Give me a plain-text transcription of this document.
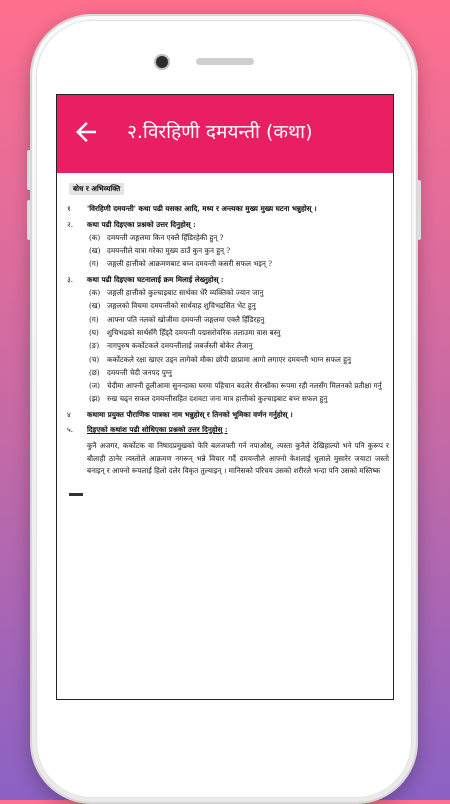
२.विरहिणी दमयन्ती (कथा)
बोध र अभिव्यक्ति
१ 'विरहिणी दमयन्ती' कथा पढी यसका आदि, मध्य र अन्त्यका मुख्य मुख्य घटना भन्नुहोस् ।
२. कथा पढी दिइएका प्रश्नको उत्तर दिनुहोस् :
(क) दमयन्ती जङ्गलमा किन एक्लै हिँडिरहेकी हुन् ?
(ख) दमयन्तीले यात्रा गरेका मुख्य ठाउँ कुन कुन हुन् ?
(ग) जङ्गली हात्तीको आक्रमणबाट बच्न दमयन्ती कसरी सफल भइन् ?
३. कथा पढी दिइएका घटनालाई क्रम मिलाई लेख्नुहोस् :
(क) जङ्गली हात्तीको कुल्चाइबाट सार्थका धेरै व्यक्तिको ज्यान जानु
(ख) जङ्गलको विचमा दमयन्तीको सार्थवाह शुचिभद्रसित भेट हुनु
(ग) आफ्ना पति नलको खोजीमा दमयन्ती जङ्गलमा एक्लै हिँडिरहनु
(घ) शुचिभद्रको सार्थसँगै हिँड्दै दमयन्ती पद्मसरोवरिक तलाउमा वास बस्नु
(ङ) नागपुरुष कर्कोटकले दमयन्तीलाई जबर्जस्ती बोकेर लैजानु
(च) कर्कोटकले रक्षा खाएर उड्न लागेको मौका छोपी छाप्रामा आगो लगाएर दमयन्ती भाग्न सफल हुनु
(छ) दमयन्ती चेदी जनपद पुग्नु
(ज) चेदीमा आफ्नी ठूलीआमा सुनन्दाका घरमा पहिचान बदलेर सैरन्ध्रीका रूपमा रही नलसँग मिलनको प्रतीक्षा गर्नु
(झ) रुख चढ्न सफल दमयन्तीसहित दशवटा जना मात्र हात्तीको कुल्चाइबाट बच्न सफल हुनु
४ कथामा प्रयुक्त पौराणिक पात्रका नाम भन्नुहोस् र तिनको भूमिका वर्णन गर्नुहोस् ।
५. दिइएको कथांश पढी सोधिएका प्रश्नको उत्तर दिनुहोस् :
कुनै अजगर, कर्कोटक वा निषादप्रमुखको फेरि बलजफ्ती गर्न नपाओस्, त्यस्ता कुनैले देखिहाल्यो भने पनि कुरूप र बौलाही ठानेर त्यस्तोले आक्रमण नगरून् भन्ने विचार गर्दै दमयन्तीले आफ्नो केशलाई धूलाले मुसारेर जयाटा जस्तो बनाइन् र आफ्नो रूपलाई हिलो दलेर विकृत तुल्याइन् । मानिसको परिचय उसको शरीरले भन्दा पनि उसको मस्तिष्क
